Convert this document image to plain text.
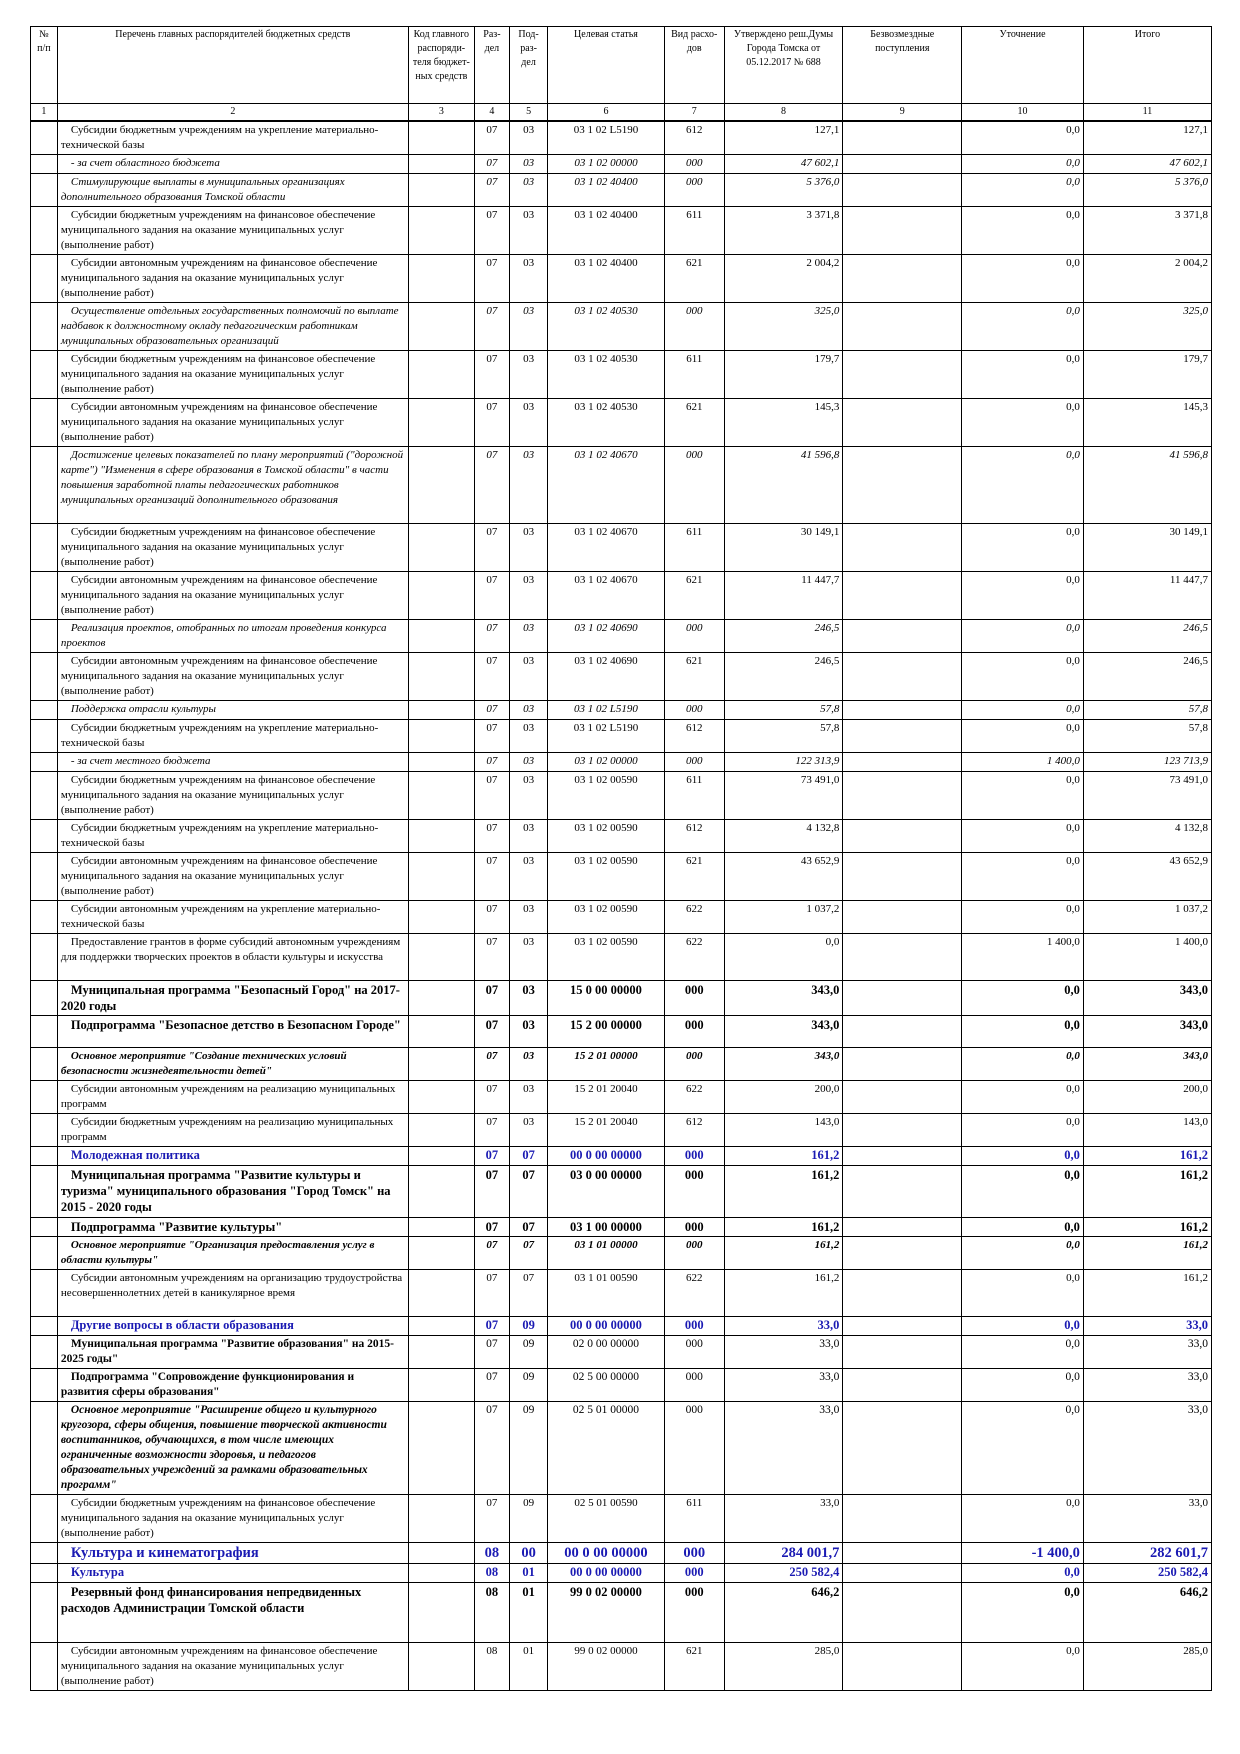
№ п/п	Перечень главных распорядителей бюджетных средств	Код главного распоряди-теля бюджет-ных средств	Раз-дел	Под-раз-дел	Целевая статья	Вид расхо-дов	Утверждено реш.Думы Города Томска от 05.12.2017 № 688	Безвозмездные поступления	Уточнение	Итого
1	2	3	4	5	6	7	8	9	10	11
	Субсидии бюджетным учреждениям на укрепление материально-технической базы		07	03	03 1 02 L5190	612	127,1		0,0	127,1
	- за счет областного бюджета		07	03	03 1 02 00000	000	47 602,1		0,0	47 602,1
	Стимулирующие выплаты в муниципальных организациях дополнительного образования Томской области		07	03	03 1 02 40400	000	5 376,0		0,0	5 376,0
	Субсидии бюджетным учреждениям на финансовое обеспечение муниципального задания на оказание муниципальных услуг (выполнение работ)		07	03	03 1 02 40400	611	3 371,8		0,0	3 371,8
	Субсидии автономным учреждениям на финансовое обеспечение муниципального задания на оказание муниципальных услуг (выполнение работ)		07	03	03 1 02 40400	621	2 004,2		0,0	2 004,2
	Осуществление отдельных государственных полномочий по выплате надбавок к должностному окладу педагогическим работникам муниципальных образовательных организаций		07	03	03 1 02 40530	000	325,0		0,0	325,0
	Субсидии бюджетным учреждениям на финансовое обеспечение муниципального задания на оказание муниципальных услуг (выполнение работ)		07	03	03 1 02 40530	611	179,7		0,0	179,7
	Субсидии автономным учреждениям на финансовое обеспечение муниципального задания на оказание муниципальных услуг (выполнение работ)		07	03	03 1 02 40530	621	145,3		0,0	145,3
	Достижение целевых показателей по плану мероприятий ("дорожной карте") "Изменения в сфере образования в Томской области" в части повышения заработной платы педагогических работников муниципальных организаций дополнительного образования		07	03	03 1 02 40670	000	41 596,8		0,0	41 596,8
	Субсидии бюджетным учреждениям на финансовое обеспечение муниципального задания на оказание муниципальных услуг (выполнение работ)		07	03	03 1 02 40670	611	30 149,1		0,0	30 149,1
	Субсидии автономным учреждениям на финансовое обеспечение муниципального задания на оказание муниципальных услуг (выполнение работ)		07	03	03 1 02 40670	621	11 447,7		0,0	11 447,7
	Реализация проектов, отобранных по итогам проведения конкурса проектов		07	03	03 1 02 40690	000	246,5		0,0	246,5
	Субсидии автономным учреждениям на финансовое обеспечение муниципального задания на оказание муниципальных услуг (выполнение работ)		07	03	03 1 02 40690	621	246,5		0,0	246,5
	Поддержка отрасли культуры		07	03	03 1 02 L5190	000	57,8		0,0	57,8
	Субсидии бюджетным учреждениям на укрепление материально-технической базы		07	03	03 1 02 L5190	612	57,8		0,0	57,8
	- за счет местного бюджета		07	03	03 1 02 00000	000	122 313,9		1 400,0	123 713,9
	Субсидии бюджетным учреждениям на финансовое обеспечение муниципального задания на оказание муниципальных услуг (выполнение работ)		07	03	03 1 02 00590	611	73 491,0		0,0	73 491,0
	Субсидии бюджетным учреждениям на укрепление материально-технической базы		07	03	03 1 02 00590	612	4 132,8		0,0	4 132,8
	Субсидии автономным учреждениям на финансовое обеспечение муниципального задания на оказание муниципальных услуг (выполнение работ)		07	03	03 1 02 00590	621	43 652,9		0,0	43 652,9
	Субсидии автономным учреждениям на укрепление материально-технической базы		07	03	03 1 02 00590	622	1 037,2		0,0	1 037,2
	Предоставление грантов в форме субсидий автономным учреждениям для поддержки творческих проектов в области культуры и искусства		07	03	03 1 02 00590	622	0,0		1 400,0	1 400,0
	Муниципальная программа "Безопасный Город" на 2017-2020 годы		07	03	15 0 00 00000	000	343,0		0,0	343,0
	Подпрограмма "Безопасное детство в Безопасном Городе"		07	03	15 2 00 00000	000	343,0		0,0	343,0
	Основное мероприятие "Создание технических условий безопасности жизнедеятельности детей"		07	03	15 2 01 00000	000	343,0		0,0	343,0
	Субсидии автономным учреждениям на реализацию муниципальных программ		07	03	15 2 01 20040	622	200,0		0,0	200,0
	Субсидии бюджетным учреждениям на реализацию муниципальных программ		07	03	15 2 01 20040	612	143,0		0,0	143,0
	Молодежная политика		07	07	00 0 00 00000	000	161,2		0,0	161,2
	Муниципальная программа "Развитие культуры и туризма" муниципального образования "Город Томск" на 2015 - 2020 годы		07	07	03 0 00 00000	000	161,2		0,0	161,2
	Подпрограмма "Развитие культуры"		07	07	03 1 00 00000	000	161,2		0,0	161,2
	Основное мероприятие "Организация предоставления услуг в области культуры"		07	07	03 1 01 00000	000	161,2		0,0	161,2
	Субсидии автономным учреждениям на организацию трудоустройства несовершеннолетних детей в каникулярное время		07	07	03 1 01 00590	622	161,2		0,0	161,2
	Другие вопросы в области образования		07	09	00 0 00 00000	000	33,0		0,0	33,0
	Муниципальная программа "Развитие образования" на 2015-2025 годы"		07	09	02 0 00 00000	000	33,0		0,0	33,0
	Подпрограмма "Сопровождение функционирования и развития сферы образования"		07	09	02 5 00 00000	000	33,0		0,0	33,0
	Основное мероприятие "Расширение общего и культурного кругозора, сферы общения, повышение творческой активности воспитанников, обучающихся, в том числе имеющих ограниченные возможности здоровья, и педагогов образовательных учреждений за рамками образовательных программ"		07	09	02 5 01 00000	000	33,0		0,0	33,0
	Субсидии бюджетным учреждениям на финансовое обеспечение муниципального задания на оказание муниципальных услуг (выполнение работ)		07	09	02 5 01 00590	611	33,0		0,0	33,0
	Культура и кинематография		08	00	00 0 00 00000	000	284 001,7		-1 400,0	282 601,7
	Культура		08	01	00 0 00 00000	000	250 582,4		0,0	250 582,4
	Резервный фонд финансирования непредвиденных расходов Администрации Томской области		08	01	99 0 02 00000	000	646,2		0,0	646,2
	Субсидии автономным учреждениям на финансовое обеспечение муниципального задания на оказание муниципальных услуг (выполнение работ)		08	01	99 0 02 00000	621	285,0		0,0	285,0
